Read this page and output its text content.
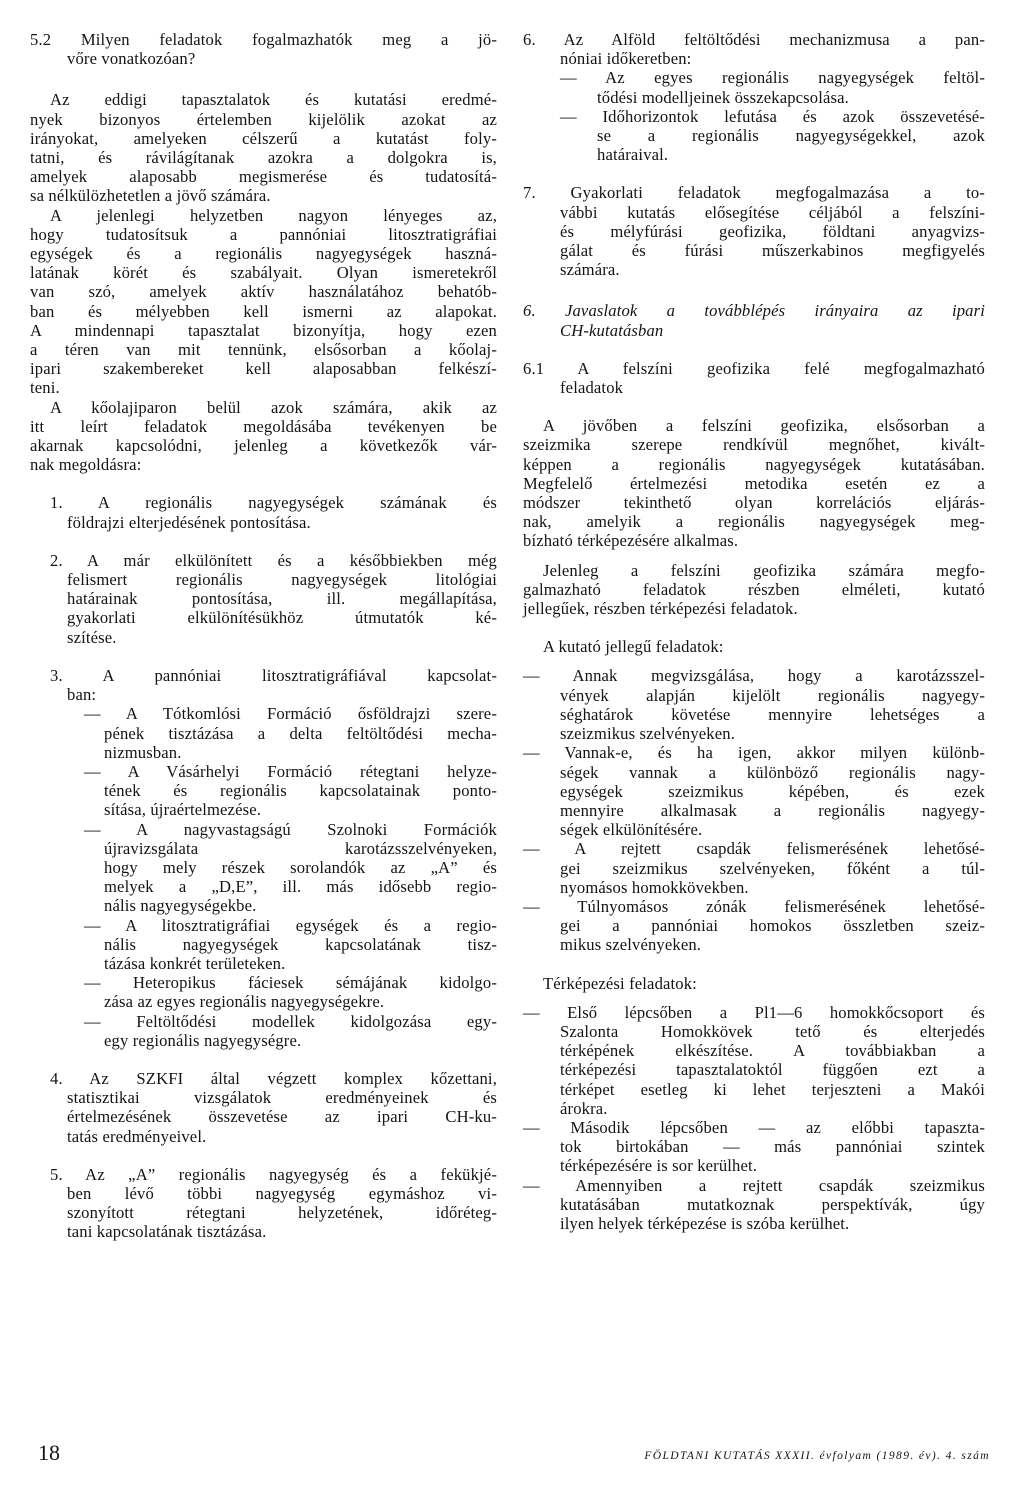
5.2 Milyen feladatok fogalmazhatók meg a jö-
vőre vonatkozóan?
Az eddigi tapasztalatok és kutatási eredmé-
nyek bizonyos értelemben kijelölik azokat az
irányokat, amelyeken célszerű a kutatást foly-
tatni, és rávilágítanak azokra a dolgokra is,
amelyek alaposabb megismerése és tudatosítá-
sa nélkülözhetetlen a jövő számára.
A jelenlegi helyzetben nagyon lényeges az,
hogy tudatosítsuk a pannóniai litosztratigráfiai
egységek és a regionális nagyegységek haszná-
latának körét és szabályait. Olyan ismeretekről
van szó, amelyek aktív használatához behatób-
ban és mélyebben kell ismerni az alapokat.
A mindennapi tapasztalat bizonyítja, hogy ezen
a téren van mit tennünk, elsősorban a kőolaj-
ipari szakembereket kell alaposabban felkészí-
teni.
A kőolajiparon belül azok számára, akik az
itt leírt feladatok megoldásába tevékenyen be
akarnak kapcsolódni, jelenleg a következők vár-
nak megoldásra:
1. A regionális nagyegységek számának és
földrajzi elterjedésének pontosítása.
2. A már elkülönített és a későbbiekben még
felismert regionális nagyegységek litológiai
határainak pontosítása, ill. megállapítása,
gyakorlati elkülönítésükhöz útmutatók ké-
szítése.
3. A pannóniai litosztratigráfiával kapcsolat-
ban:
— A Tótkomlósi Formáció ősföldrajzi szere-
pének tisztázása a delta feltöltődési mecha-
nizmusban.
— A Vásárhelyi Formáció rétegtani helyze-
tének és regionális kapcsolatainak ponto-
sítása, újraértelmezése.
— A nagyvastagságú Szolnoki Formációk
újravizsgálata karotázsszelvényeken,
hogy mely részek sorolandók az „A” és
melyek a „D,E”, ill. más idősebb regio-
nális nagyegységekbe.
— A litosztratigráfiai egységek és a regio-
nális nagyegységek kapcsolatának tisz-
tázása konkrét területeken.
— Heteropikus fáciesek sémájának kidolgo-
zása az egyes regionális nagyegységekre.
— Feltöltődési modellek kidolgozása egy-
egy regionális nagyegységre.
4. Az SZKFI által végzett komplex kőzettani,
statisztikai vizsgálatok eredményeinek és
értelmezésének összevetése az ipari CH-ku-
tatás eredményeivel.
5. Az „A” regionális nagyegység és a fekükjé-
ben lévő többi nagyegység egymáshoz vi-
szonyított rétegtani helyzetének, időréteg-
tani kapcsolatának tisztázása.
6. Az Alföld feltöltődési mechanizmusa a pan-
nóniai időkeretben:
— Az egyes regionális nagyegységek feltöl-
tődési modelljeinek összekapcsolása.
— Időhorizontok lefutása és azok összevetésé-
se a regionális nagyegységekkel, azok
határaival.
7. Gyakorlati feladatok megfogalmazása a to-
vábbi kutatás elősegítése céljából a felszíni-
és mélyfúrási geofizika, földtani anyagvizs-
gálat és fúrási műszerkabinos megfigyelés
számára.
6. Javaslatok a továbblépés irányaira az ipari
CH-kutatásban
6.1 A felszíni geofizika felé megfogalmazható
feladatok
A jövőben a felszíni geofizika, elsősorban a
szeizmika szerepe rendkívül megnőhet, kivált-
képpen a regionális nagyegységek kutatásában.
Megfelelő értelmezési metodika esetén ez a
módszer tekinthető olyan korrelációs eljárás-
nak, amelyik a regionális nagyegységek meg-
bízható térképezésére alkalmas.
Jelenleg a felszíni geofizika számára megfo-
galmazható feladatok részben elméleti, kutató
jellegűek, részben térképezési feladatok.
A kutató jellegű feladatok:
— Annak megvizsgálása, hogy a karotázsszel-
vények alapján kijelölt regionális nagyegy-
séghatárok követése mennyire lehetséges a
szeizmikus szelvényeken.
— Vannak-e, és ha igen, akkor milyen különb-
ségek vannak a különböző regionális nagy-
egységek szeizmikus képében, és ezek
mennyire alkalmasak a regionális nagyegy-
ségek elkülönítésére.
— A rejtett csapdák felismerésének lehetősé-
gei szeizmikus szelvényeken, főként a túl-
nyomásos homokkövekben.
— Túlnyomásos zónák felismerésének lehetősé-
gei a pannóniai homokos összletben szeiz-
mikus szelvényeken.
Térképezési feladatok:
— Első lépcsőben a Pl1—6 homokkőcsoport és
Szalonta Homokkövek tető és elterjedés
térképének elkészítése. A továbbiakban a
térképezési tapasztalatoktól függően ezt a
térképet esetleg ki lehet terjeszteni a Makói
árokra.
— Második lépcsőben — az előbbi tapaszta-
tok birtokában — más pannóniai szintek
térképezésére is sor kerülhet.
— Amennyiben a rejtett csapdák szeizmikus
kutatásában mutatkoznak perspektívák, úgy
ilyen helyek térképezése is szóba kerülhet.
18	FÖLDTANI KUTATÁS XXXII. évfolyam (1989. év). 4. szám
